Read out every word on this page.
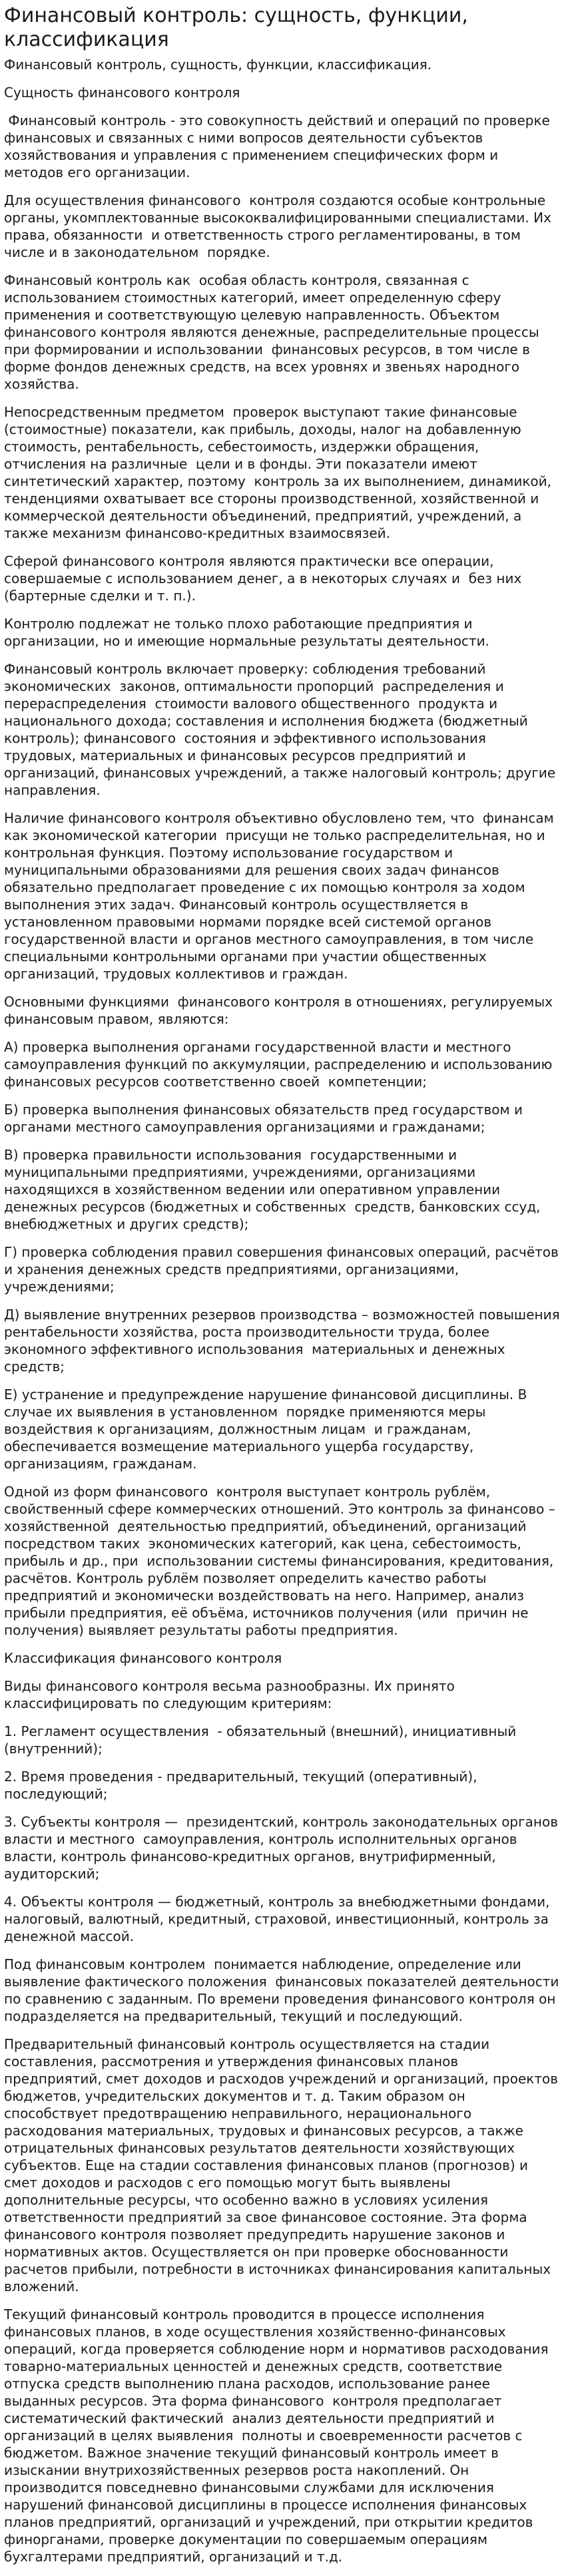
Финансовый контроль: сущность, функции, классификация
Финансовый контроль, сущность, функции, классификация.
Сущность финансового контроля

Финансовый контроль - это совокупность действий и операций по проверке финансовых и связанных с ними вопросов деятельности субъектов хозяйствования и управления с применением специфических форм и методов его организации.

Для осуществления финансового  контроля создаются особые контрольные органы, укомплектованные высококвалифицированными специалистами. Их права, обязанности  и ответственность строго регламентированы, в том числе и в законодательном  порядке.

Финансовый контроль как  особая область контроля, связанная с использованием стоимостных категорий, имеет определенную сферу применения и соответствующую целевую направленность. Объектом финансового контроля являются денежные, распределительные процессы при формировании и использовании  финансовых ресурсов, в том числе в форме фондов денежных средств, на всех уровнях и звеньях народного хозяйства.

Непосредственным предметом  проверок выступают такие финансовые (стоимостные) показатели, как прибыль, доходы, налог на добавленную стоимость, рентабельность, себестоимость, издержки обращения, отчисления на различные  цели и в фонды. Эти показатели имеют синтетический характер, поэтому  контроль за их выполнением, динамикой, тенденциями охватывает все стороны производственной, хозяйственной и коммерческой деятельности объединений, предприятий, учреждений, а также механизм финансово-кредитных взаимосвязей.

Сферой финансового контроля являются практически все операции, совершаемые с использованием денег, а в некоторых случаях и  без них (бартерные сделки и т. п.).

Контролю подлежат не только плохо работающие предприятия и  организации, но и имеющие нормальные результаты деятельности.

Финансовый контроль включает проверку: соблюдения требований экономических  законов, оптимальности пропорций  распределения и перераспределения  стоимости валового общественного  продукта и национального дохода; составления и исполнения бюджета (бюджетный контроль); финансового  состояния и эффективного использования трудовых, материальных и финансовых ресурсов предприятий и организаций, финансовых учреждений, а также налоговый контроль; другие направления.

Наличие финансового контроля объективно обусловлено тем, что  финансам как экономической категории  присущи не только распределительная, но и контрольная функция. Поэтому использование государством и муниципальными образованиями для решения своих задач финансов обязательно предполагает проведение с их помощью контроля за ходом выполнения этих задач. Финансовый контроль осуществляется в установленном правовыми нормами порядке всей системой органов государственной власти и органов местного самоуправления, в том числе специальными контрольными органами при участии общественных организаций, трудовых коллективов и граждан.

Основными функциями  финансового контроля в отношениях, регулируемых финансовым правом, являются:

А) проверка выполнения органами государственной власти и местного самоуправления функций по аккумуляции, распределению и использованию финансовых ресурсов соответственно своей  компетенции;

Б) проверка выполнения финансовых обязательств пред государством и органами местного самоуправления организациями и гражданами;

В) проверка правильности использования  государственными и муниципальными предприятиями, учреждениями, организациями  находящихся в хозяйственном ведении или оперативном управлении денежных ресурсов (бюджетных и собственных  средств, банковских ссуд, внебюджетных и других средств);

Г) проверка соблюдения правил совершения финансовых операций, расчётов и хранения денежных средств предприятиями, организациями, учреждениями;

Д) выявление внутренних резервов производства – возможностей повышения рентабельности хозяйства, роста производительности труда, более экономного эффективного использования  материальных и денежных средств;

Е) устранение и предупреждение нарушение финансовой дисциплины. В  случае их выявления в установленном  порядке применяются меры воздействия к организациям, должностным лицам  и гражданам, обеспечивается возмещение материального ущерба государству, организациям, гражданам.

Одной из форм финансового  контроля выступает контроль рублём, свойственный сфере коммерческих отношений. Это контроль за финансово – хозяйственной  деятельностью предприятий, объединений, организаций посредством таких  экономических категорий, как цена, себестоимость, прибыль и др., при  использовании системы финансирования, кредитования, расчётов. Контроль рублём позволяет определить качество работы предприятий и экономически воздействовать на него. Например, анализ прибыли предприятия, её объёма, источников получения (или  причин не получения) выявляет результаты работы предприятия.

Классификация финансового контроля

Виды финансового контроля весьма разнообразны. Их принято классифицировать по следующим критериям:

1. Регламент осуществления  - обязательный (внешний), инициативный (внутренний);

2. Время проведения - предварительный, текущий (оперативный), последующий;

3. Субъекты контроля —  президентский, контроль законодательных органов власти и местного  самоуправления, контроль исполнительных органов власти, контроль финансово-кредитных органов, внутрифирменный, аудиторский;

4. Объекты контроля — бюджетный, контроль за внебюджетными фондами, налоговый, валютный, кредитный, страховой, инвестиционный, контроль за денежной массой.

Под финансовым контролем  понимается наблюдение, определение или выявление фактического положения  финансовых показателей деятельности по сравнению с заданным. По времени проведения финансового контроля он подразделяется на предварительный, текущий и последующий.

Предварительный финансовый контроль осуществляется на стадии составления, рассмотрения и утверждения финансовых планов предприятий, смет доходов и расходов учреждений и организаций, проектов бюджетов, учредительских документов и т. д. Таким образом он способствует предотвращению неправильного, нерационального расходования материальных, трудовых и финансовых ресурсов, а также отрицательных финансовых результатов деятельности хозяйствующих субъектов. Еще на стадии составления финансовых планов (прогнозов) и смет доходов и расходов с его помощью могут быть выявлены дополнительные ресурсы, что особенно важно в условиях усиления ответственности предприятий за свое финансовое состояние. Эта форма финансового контроля позволяет предупредить нарушение законов и нормативных актов. Осуществляется он при проверке обоснованности расчетов прибыли, потребности в источниках финансирования капитальных вложений.

Текущий финансовый контроль проводится в процессе исполнения финансовых планов, в ходе осуществления хозяйственно-финансовых операций, когда проверяется соблюдение норм и нормативов расходования товарно-материальных ценностей и денежных средств, соответствие отпуска средств выполнению плана расходов, использование ранее выданных ресурсов. Эта форма финансового  контроля предполагает систематический фактический  анализ деятельности предприятий и организаций в целях выявления  полноты и своевременности расчетов с бюджетом. Важное значение текущий финансовый контроль имеет в изыскании внутрихозяйственных резервов роста накоплений. Он производится повседневно финансовыми службами для исключения нарушений финансовой дисциплины в процессе исполнения финансовых планов предприятий, организаций и учреждений, при открытии кредитов финорганами, проверке документации по совершаемым операциям бухгалтерами предприятий, организаций и т.д.
